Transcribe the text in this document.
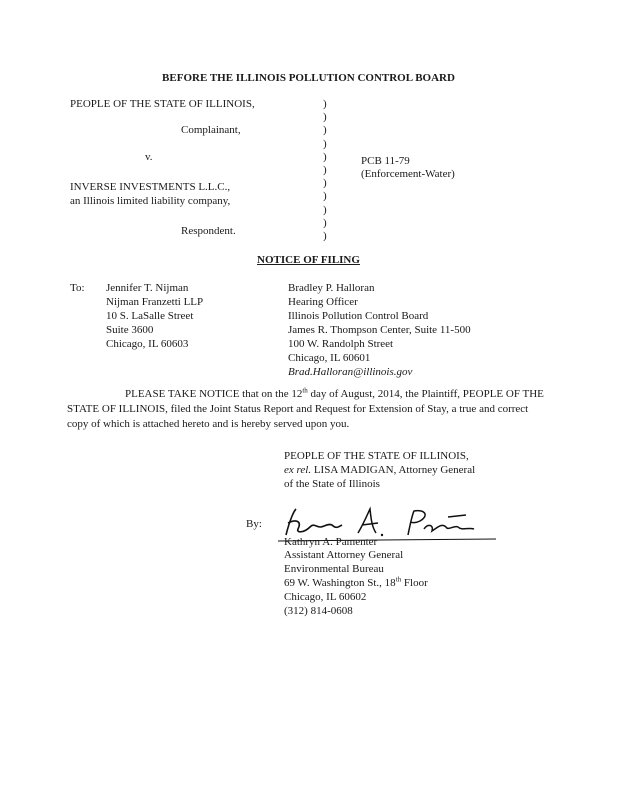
BEFORE THE ILLINOIS POLLUTION CONTROL BOARD
PEOPLE OF THE STATE OF ILLINOIS,
Complainant,
v.
INVERSE INVESTMENTS L.L.C.,
an Illinois limited liability company,
Respondent.
)
)
)
)
)
)
)
)
)
)
)
PCB 11-79
(Enforcement-Water)
NOTICE OF FILING
To: Jennifer T. Nijman
Nijman Franzetti LLP
10 S. LaSalle Street
Suite 3600
Chicago, IL 60603
Bradley P. Halloran
Hearing Officer
Illinois Pollution Control Board
James R. Thompson Center, Suite 11-500
100 W. Randolph Street
Chicago, IL 60601
Brad.Halloran@illinois.gov
PLEASE TAKE NOTICE that on the 12th day of August, 2014, the Plaintiff, PEOPLE OF THE STATE OF ILLINOIS, filed the Joint Status Report and Request for Extension of Stay, a true and correct copy of which is attached hereto and is hereby served upon you.
PEOPLE OF THE STATE OF ILLINOIS,
ex rel. LISA MADIGAN, Attorney General
of the State of Illinois
By:
Kathryn A. Pamenter
Assistant Attorney General
Environmental Bureau
69 W. Washington St., 18th Floor
Chicago, IL 60602
(312) 814-0608
